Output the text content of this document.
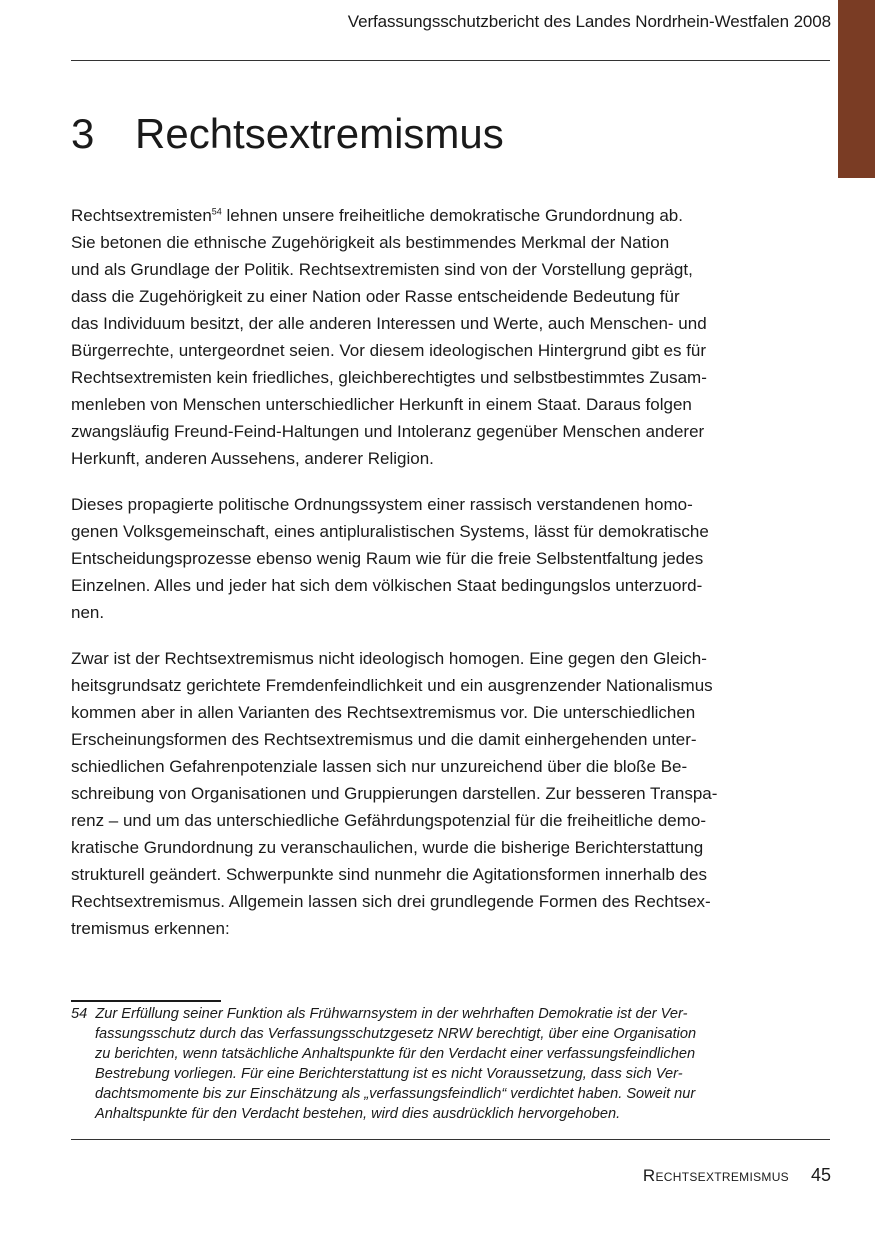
Verfassungsschutzbericht des Landes Nordrhein-Westfalen 2008
3 Rechtsextremismus
Rechtsextremisten$^{54}$ lehnen unsere freiheitliche demokratische Grundordnung ab.
Sie betonen die ethnische Zugehörigkeit als bestimmendes Merkmal der Nation
und als Grundlage der Politik. Rechtsextremisten sind von der Vorstellung geprägt,
dass die Zugehörigkeit zu einer Nation oder Rasse entscheidende Bedeutung für
das Individuum besitzt, der alle anderen Interessen und Werte, auch Menschen- und
Bürgerrechte, untergeordnet seien. Vor diesem ideologischen Hintergrund gibt es für
Rechtsextremisten kein friedliches, gleichberechtigtes und selbstbestimmtes Zusam-
menleben von Menschen unterschiedlicher Herkunft in einem Staat. Daraus folgen
zwangsläufig Freund-Feind-Haltungen und Intoleranz gegenüber Menschen anderer
Herkunft, anderen Aussehens, anderer Religion.
Dieses propagierte politische Ordnungssystem einer rassisch verstandenen homo-
genen Volksgemeinschaft, eines antipluralistischen Systems, lässt für demokratische
Entscheidungsprozesse ebenso wenig Raum wie für die freie Selbstentfaltung jedes
Einzelnen. Alles und jeder hat sich dem völkischen Staat bedingungslos unterzuord-
nen.
Zwar ist der Rechtsextremismus nicht ideologisch homogen. Eine gegen den Gleich-
heitsgrundsatz gerichtete Fremdenfeindlichkeit und ein ausgrenzender Nationalismus
kommen aber in allen Varianten des Rechtsextremismus vor. Die unterschiedlichen
Erscheinungsformen des Rechtsextremismus und die damit einhergehenden unter-
schiedlichen Gefahrenpotenziale lassen sich nur unzureichend über die bloße Be-
schreibung von Organisationen und Gruppierungen darstellen. Zur besseren Transpa-
renz – und um das unterschiedliche Gefährdungspotenzial für die freiheitliche demo-
kratische Grundordnung zu veranschaulichen, wurde die bisherige Berichterstattung
strukturell geändert. Schwerpunkte sind nunmehr die Agitationsformen innerhalb des
Rechtsextremismus. Allgemein lassen sich drei grundlegende Formen des Rechtsex-
tremismus erkennen:
54 Zur Erfüllung seiner Funktion als Frühwarnsystem in der wehrhaften Demokratie ist der Ver-
fassungsschutz durch das Verfassungsschutzgesetz NRW berechtigt, über eine Organisation
zu berichten, wenn tatsächliche Anhaltspunkte für den Verdacht einer verfassungsfeindlichen
Bestrebung vorliegen. Für eine Berichterstattung ist es nicht Voraussetzung, dass sich Ver-
dachtsmomente bis zur Einschätzung als „verfassungsfeindlich“ verdichtet haben. Soweit nur
Anhaltspunkte für den Verdacht bestehen, wird dies ausdrücklich hervorgehoben.
Rechtsextremismus 45
